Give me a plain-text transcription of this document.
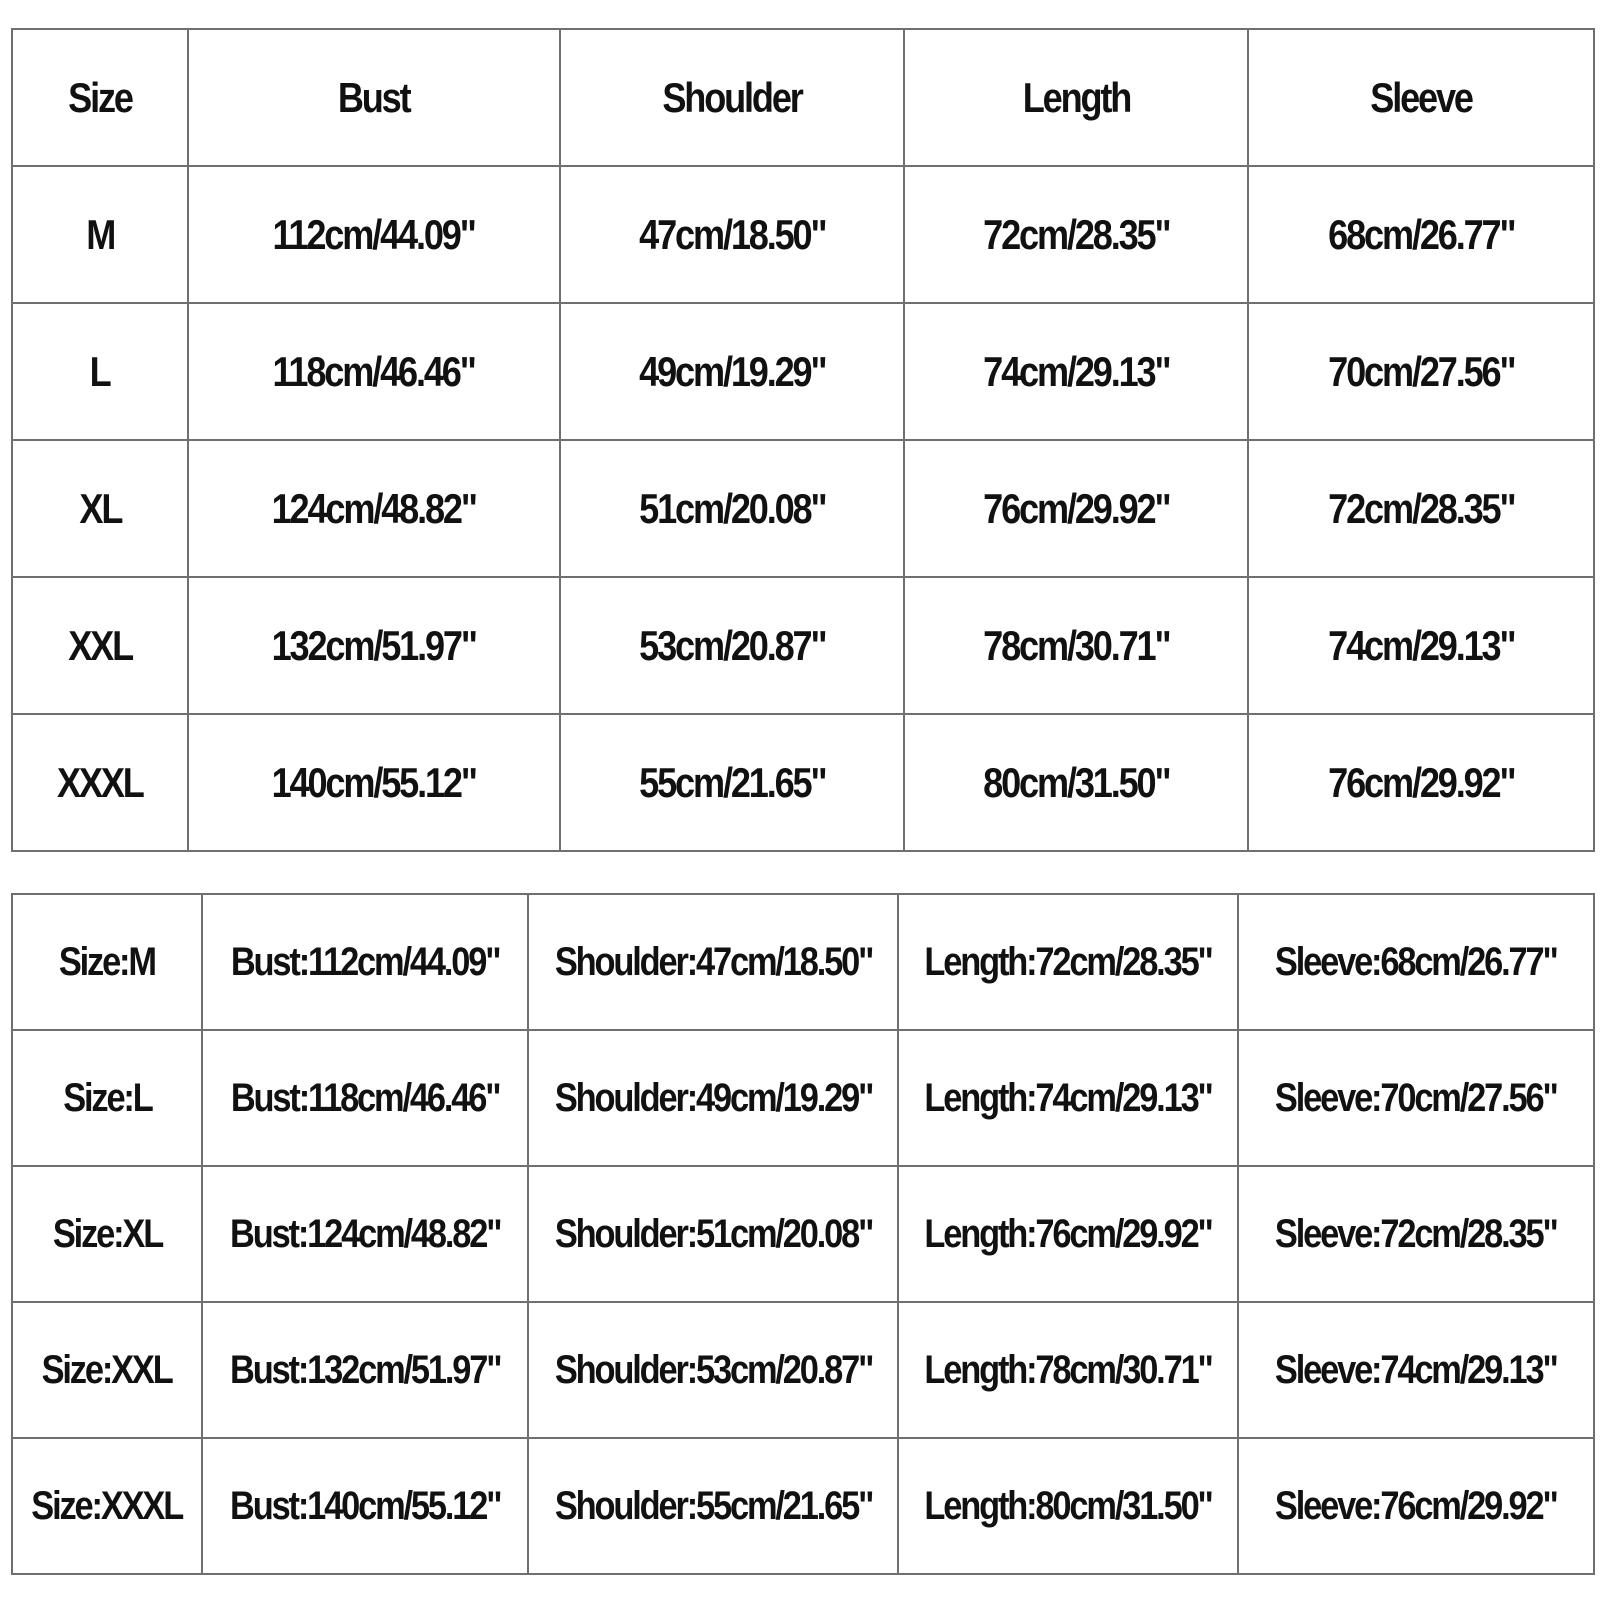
Size	Bust	Shoulder	Length	Sleeve
M	112cm/44.09"	47cm/18.50"	72cm/28.35"	68cm/26.77"
L	118cm/46.46"	49cm/19.29"	74cm/29.13"	70cm/27.56"
XL	124cm/48.82"	51cm/20.08"	76cm/29.92"	72cm/28.35"
XXL	132cm/51.97"	53cm/20.87"	78cm/30.71"	74cm/29.13"
XXXL	140cm/55.12"	55cm/21.65"	80cm/31.50"	76cm/29.92"
Size:M	Bust:112cm/44.09"	Shoulder:47cm/18.50"	Length:72cm/28.35"	Sleeve:68cm/26.77"
Size:L	Bust:118cm/46.46"	Shoulder:49cm/19.29"	Length:74cm/29.13"	Sleeve:70cm/27.56"
Size:XL	Bust:124cm/48.82"	Shoulder:51cm/20.08"	Length:76cm/29.92"	Sleeve:72cm/28.35"
Size:XXL	Bust:132cm/51.97"	Shoulder:53cm/20.87"	Length:78cm/30.71"	Sleeve:74cm/29.13"
Size:XXXL	Bust:140cm/55.12"	Shoulder:55cm/21.65"	Length:80cm/31.50"	Sleeve:76cm/29.92"
